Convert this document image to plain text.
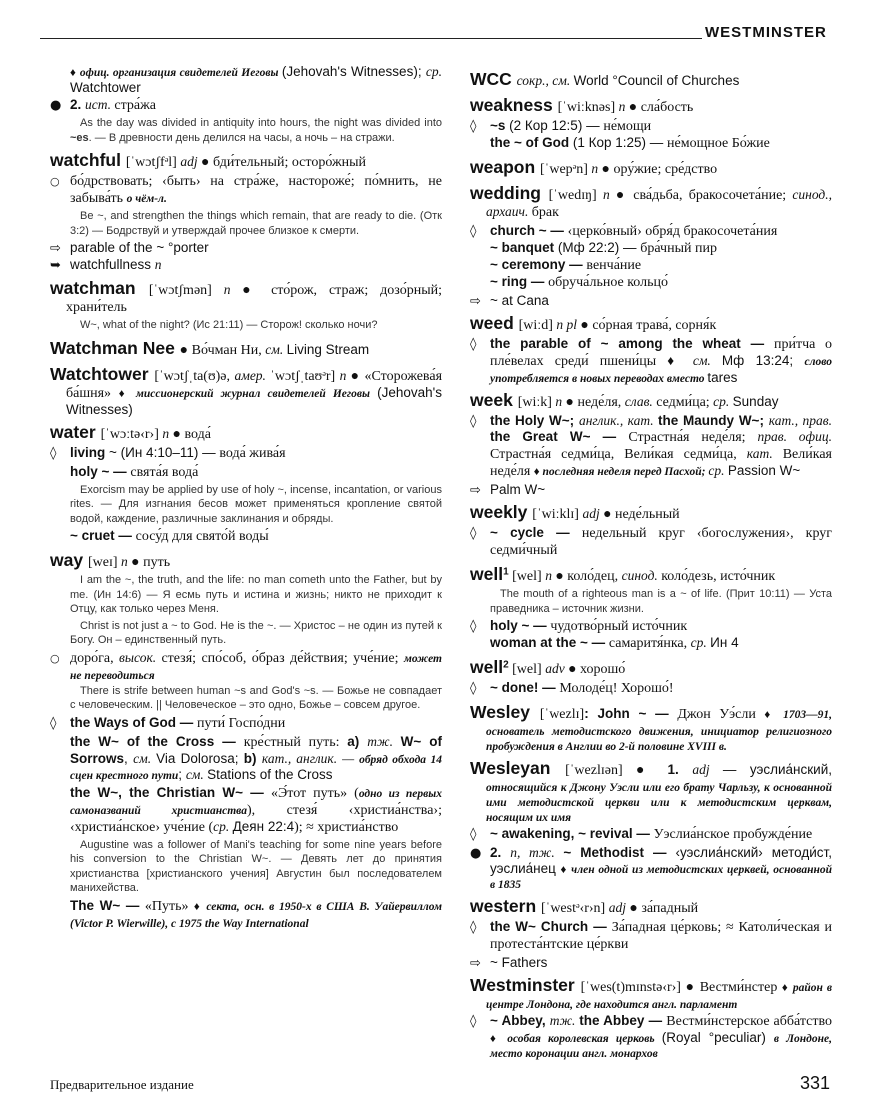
WESTMINSTER
♦ офиц. организация свидетелей Иеговы (Jehovah's Witnesses); ср. Watchtower
● 2. ист. стра́жа
As the day was divided in antiquity into hours, the night was divided into ~es. — В древности день делился на часы, а ночь – на стражи.
watchful [ˈwɔtʃfᵊl] adj ● бди́тельный; осторо́жный
○ бо́дрствовать; ‹быть› на стра́же, настороже́; по́мнить, не забыва́ть о чём-л.
Be ~, and strengthen the things which remain, that are ready to die. (Отк 3:2) — Бодрствуй и утверждай прочее близкое к смерти.
⇨ parable of the ~ °porter
➥ watchfullness n
watchman [ˈwɔtʃmən] n ● сто́рож, страж; дозо́рный; храни́тель
W~, what of the night? (Ис 21:11) — Сторож! сколько ночи?
Watchman Nee ● Во́чман Ни, см. Living Stream
Watchtower [ˈwɔtʃˌta(ʊ)ə, амер. ˈwɔtʃˌtaʊᵊr] n ● «Сторожева́я ба́шня» ♦ миссионерский журнал свидетелей Иеговы (Jehovah's Witnesses)
water [ˈwɔːtə‹r›] n ● вода́
◊ living ~ (Ин 4:10–11) — вода́ жива́я
holy ~ — свята́я вода́
Exorcism may be applied by use of holy ~, incense, incantation, or various rites. — Для изгнания бесов может применяться кропление святой водой, каждение, различные заклинания и обряды.
~ cruet — сосу́д для свято́й воды́
way [weɪ] n ● путь
I am the ~, the truth, and the life: no man cometh unto the Father, but by me. (Ин 14:6) — Я есмь путь и истина и жизнь; никто не приходит к Отцу, как только через Меня.
Christ is not just a ~ to God. He is the ~. — Христос – не один из путей к Богу. Он – единственный путь.
○ доро́га, высок. стезя́; спо́соб, о́браз де́йствия; уче́ние; может не переводиться
There is strife between human ~s and God's ~s. — Божье не совпадает с человеческим. || Человеческое – это одно, Божье – совсем другое.
◊ the Ways of God — пути́ Госпо́дни
the W~ of the Cross — кре́стный путь: a) тж. W~ of Sorrows, см. Via Dolorosa; b) кат., англик. — обряд обхода 14 сцен крестного пути; см. Stations of the Cross
the W~, the Christian W~ — «Э́тот путь» (одно из первых самоназваний христианства), стезя́ ‹христиа́нства›; ‹христиа́нское› уче́ние (ср. Деян 22:4); ≈ христиа́нство
Augustine was a follower of Mani's teaching for some nine years before his conversion to the Christian W~. — Девять лет до принятия христианства [христианского учения] Августин был последователем манихейства.
The W~ — «Путь» ♦ секта, осн. в 1950-х в США В. Уайервиллом (Victor P. Wierwille), с 1975 the Way International
WCC сокр., см. World °Council of Churches
weakness [ˈwiːknəs] n ● сла́бость
◊ ~s (2 Кор 12:5) — не́мощи
the ~ of God (1 Кор 1:25) — не́мощное Бо́жие
weapon [ˈwepᵊn] n ● ору́жие; сре́дство
wedding [ˈwedɪŋ] n ● сва́дьба, бракосочета́ние; синод., архаич. брак
◊ church ~ — ‹церко́вный› обря́д бракосочета́ния
~ banquet (Мф 22:2) — бра́чный пир
~ ceremony — венча́ние
~ ring — обруча́льное кольцо́
⇨ ~ at Cana
weed [wiːd] n pl ● со́рная трава́, сорня́к
◊ the parable of ~ among the wheat — при́тча о пле́велах среди́ пшени́цы ♦ см. Мф 13:24; слово употребляется в новых переводах вместо tares
week [wiːk] n ● неде́ля, слав. седми́ца; ср. Sunday
◊ the Holy W~; англик., кат. the Maundy W~; кат., прав. the Great W~ — Страстна́я неде́ля; прав. офиц. Страстна́я седми́ца, Вели́кая седми́ца, кат. Вели́кая неде́ля ♦ последняя неделя перед Пасхой; ср. Passion W~
⇨ Palm W~
weekly [ˈwiːklɪ] adj ● неде́льный
◊ ~ cycle — недельный круг ‹богослужения›, круг седми́чный
well$^1$ [wel] n ● коло́дец, синод. коло́дезь, исто́чник
The mouth of a righteous man is a ~ of life. (Прит 10:11) — Уста праведника – источник жизни.
◊ holy ~ — чудотво́рный исто́чник
woman at the ~ — самаритя́нка, ср. Ин 4
well$^2$ [wel] adv ● хорошо́
◊ ~ done! — Молоде́ц! Хорошо́!
Wesley [ˈwezlɪ]: John ~ — Джон Уэ́сли ♦ 1703—91, основатель методистского движения, инициатор религиозного пробуждения в Англии во 2-й половине XVIII в.
Wesleyan [ˈwezlɪən] ● 1. adj — уэслиа́нский, относящийся к Джону Уэсли или его брату Чарльзу, к основанной ими методистской церкви или к методистским церквам, носящим их имя
◊ ~ awakening, ~ revival — Уэслиа́нское пробужде́ние
● 2. n, тж. ~ Methodist — ‹уэслиа́нский› методи́ст, уэслиа́нец ♦ член одной из методистских церквей, основанной в 1835
western [ˈwestᵊ‹r›n] adj ● за́падный
◊ the W~ Church — За́падная це́рковь; ≈ Католи́ческая и протеста́нтские це́ркви
⇨ ~ Fathers
Westminster [ˈwes(t)mɪnstə‹r›] ● Вестми́нстер ♦ район в центре Лондона, где находится англ. парламент
◊ ~ Abbey, тж. the Abbey — Вестми́нстерское абба́тство ♦ особая королевская церковь (Royal °peculiar) в Лондоне, место коронации англ. монархов
Предварительное издание	331
